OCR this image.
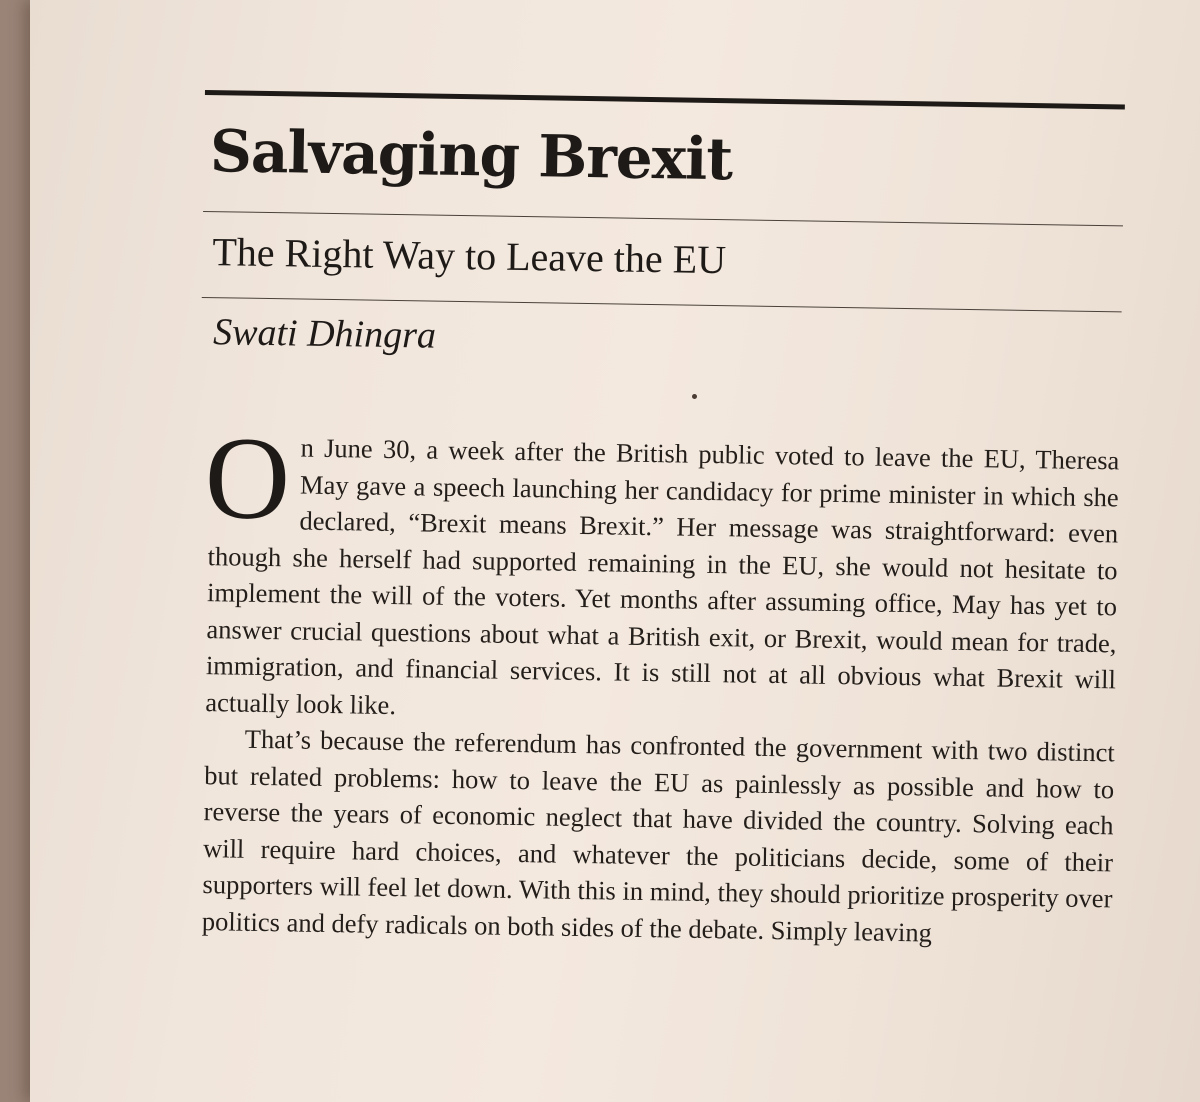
Salvaging Brexit
The Right Way to Leave the EU
Swati Dhingra

O n June 30, a week after the British public voted to leave the EU, Theresa May gave a speech launching her candidacy for prime minister in which she declared, “Brexit means Brexit.” Her message was straightforward: even though she herself had supported remaining in the EU, she would not hesitate to implement the will of the voters. Yet months after assuming office, May has yet to answer crucial questions about what a British exit, or Brexit, would mean for trade, immigration, and financial services. It is still not at all obvious what Brexit will actually look like.

That’s because the referendum has confronted the government with two distinct but related problems: how to leave the EU as painlessly as possible and how to reverse the years of economic neglect that have divided the country. Solving each will require hard choices, and whatever the politicians decide, some of their supporters will feel let down. With this in mind, they should prioritize prosperity over politics and defy radicals on both sides of the debate. Simply leaving
